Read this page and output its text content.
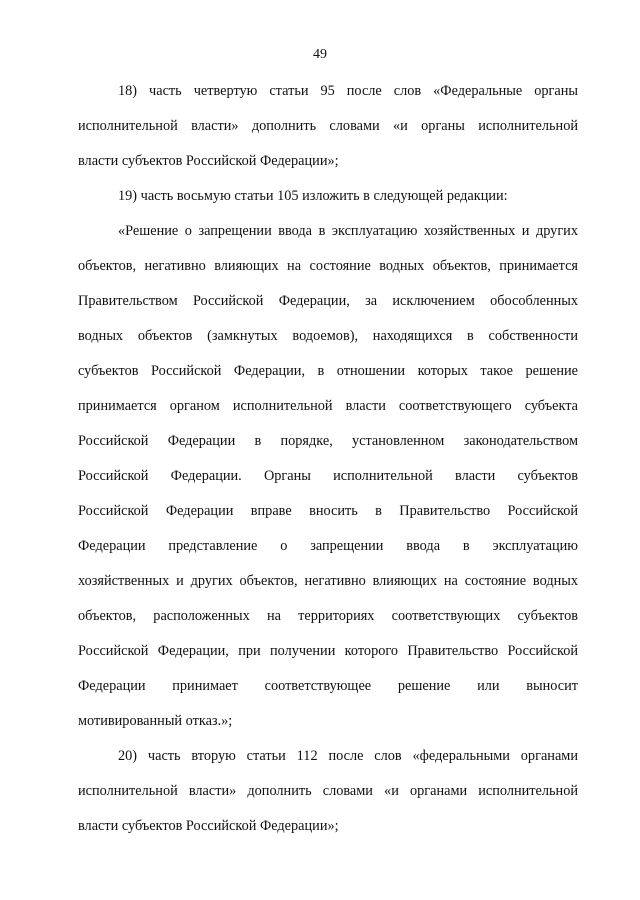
49
18) часть четвертую статьи 95 после слов «Федеральные органы
исполнительной власти» дополнить словами «и органы исполнительной
власти субъектов Российской Федерации»;
19) часть восьмую статьи 105 изложить в следующей редакции:
«Решение о запрещении ввода в эксплуатацию хозяйственных и других
объектов, негативно влияющих на состояние водных объектов, принимается
Правительством Российской Федерации, за исключением обособленных
водных объектов (замкнутых водоемов), находящихся в собственности
субъектов Российской Федерации, в отношении которых такое решение
принимается органом исполнительной власти соответствующего субъекта
Российской Федерации в порядке, установленном законодательством
Российской Федерации. Органы исполнительной власти субъектов
Российской Федерации вправе вносить в Правительство Российской
Федерации представление о запрещении ввода в эксплуатацию
хозяйственных и других объектов, негативно влияющих на состояние водных
объектов, расположенных на территориях соответствующих субъектов
Российской Федерации, при получении которого Правительство Российской
Федерации принимает соответствующее решение или выносит
мотивированный отказ.»;
20) часть вторую статьи 112 после слов «федеральными органами
исполнительной власти» дополнить словами «и органами исполнительной
власти субъектов Российской Федерации»;
